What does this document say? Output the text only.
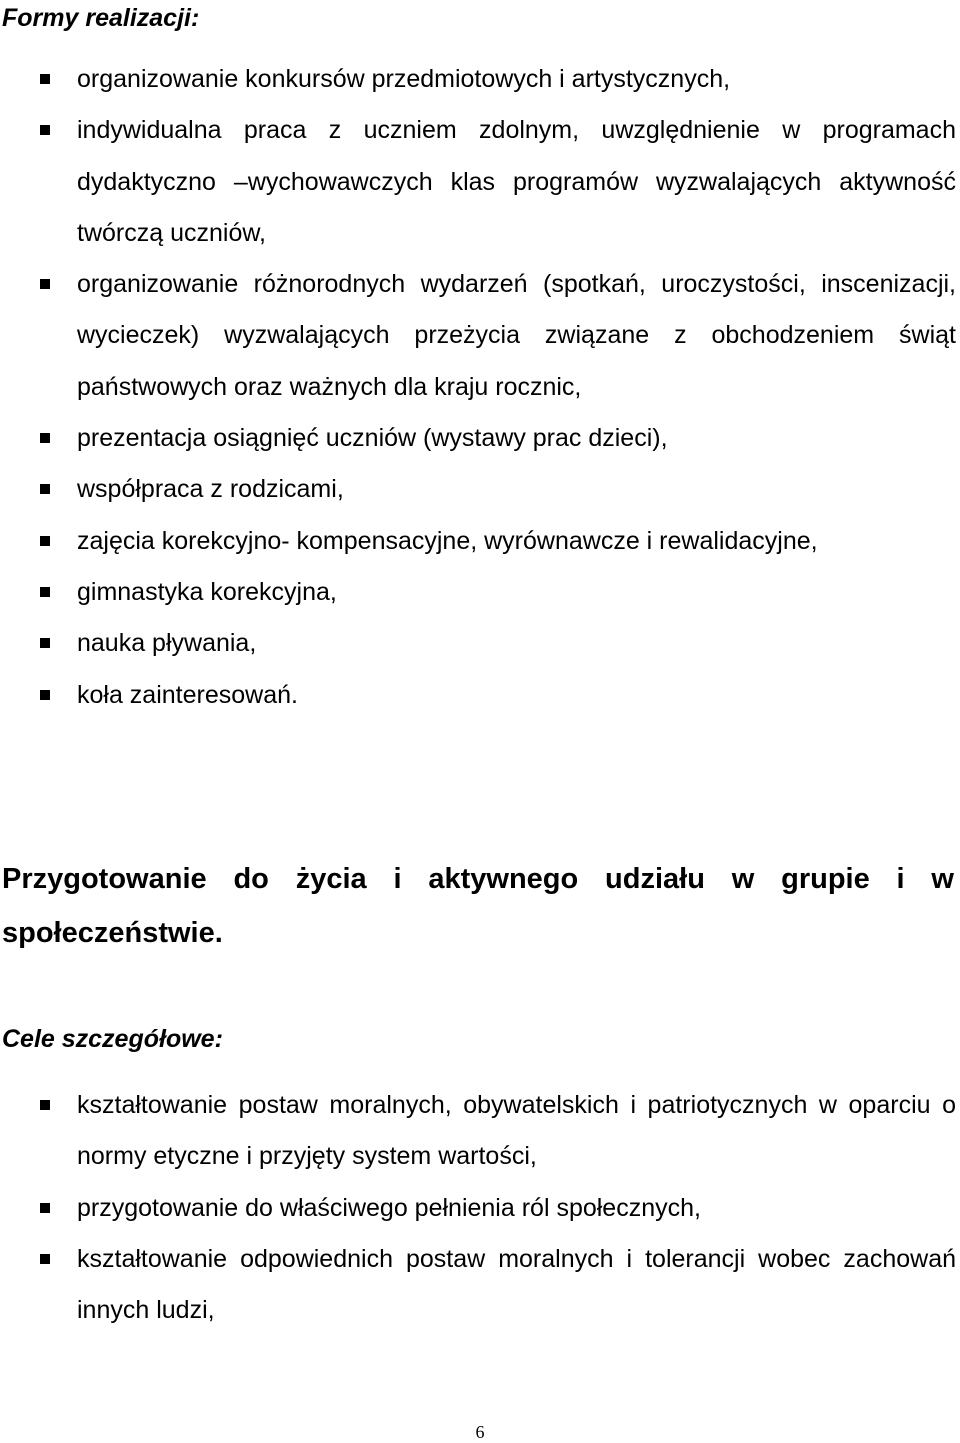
Formy realizacji:
organizowanie konkursów przedmiotowych i artystycznych,
indywidualna praca z uczniem zdolnym, uwzględnienie w programach dydaktyczno –wychowawczych klas programów wyzwalających aktywność twórczą uczniów,
organizowanie różnorodnych wydarzeń (spotkań, uroczystości, inscenizacji, wycieczek) wyzwalających przeżycia związane z obchodzeniem świąt państwowych oraz ważnych dla kraju rocznic,
prezentacja osiągnięć uczniów (wystawy prac dzieci),
współpraca z rodzicami,
zajęcia korekcyjno- kompensacyjne, wyrównawcze i rewalidacyjne,
gimnastyka korekcyjna,
nauka pływania,
koła zainteresowań.
Przygotowanie do życia i aktywnego udziału w grupie i w społeczeństwie.
Cele szczegółowe:
kształtowanie postaw moralnych, obywatelskich i patriotycznych w oparciu o normy etyczne i przyjęty system wartości,
przygotowanie do właściwego pełnienia ról społecznych,
kształtowanie odpowiednich postaw moralnych i tolerancji wobec zachowań innych ludzi,
6
